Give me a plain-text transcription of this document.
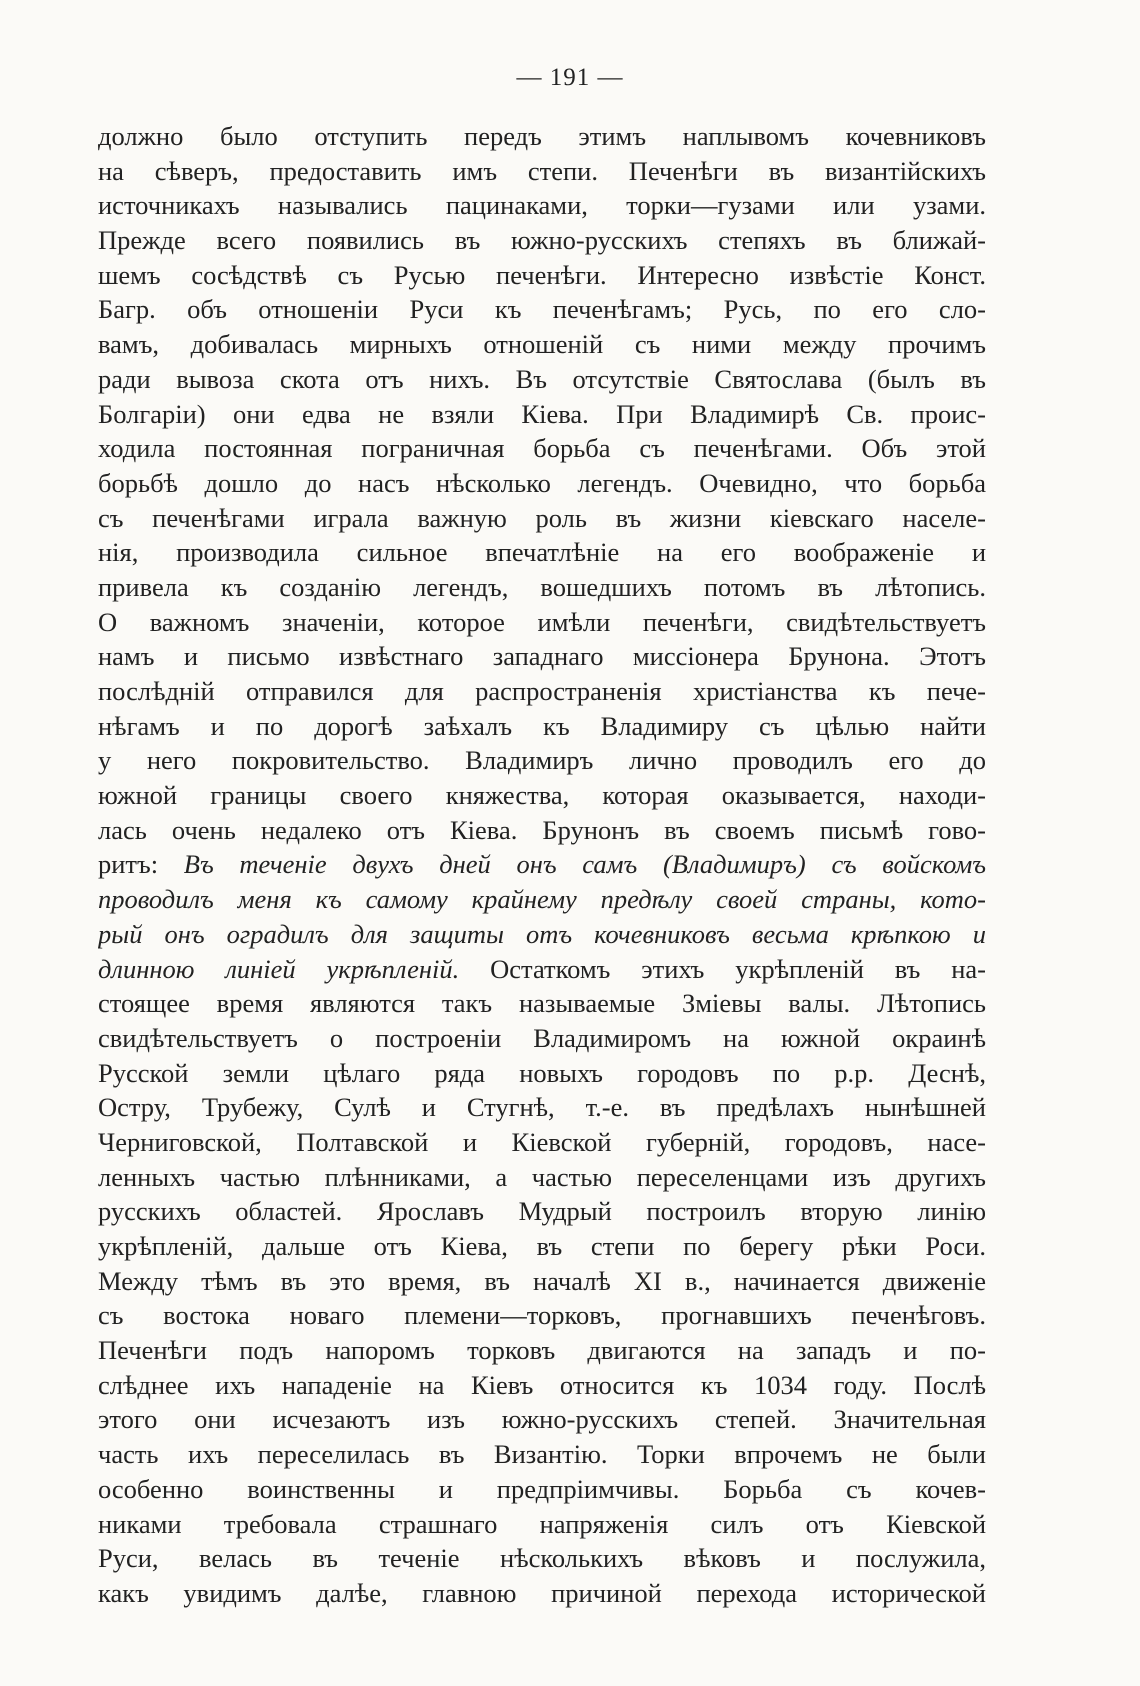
— 191 —
должно было отступить передъ этимъ наплывомъ кочевниковъ
на сѣверъ, предоставить имъ степи. Печенѣги въ византійскихъ
источникахъ назывались пацинаками, торки—гузами или узами.
Прежде всего появились въ южно-русскихъ степяхъ въ ближай-
шемъ сосѣдствѣ съ Русью печенѣги. Интересно извѣстіе Конст.
Багр. объ отношеніи Руси къ печенѣгамъ; Русь, по его сло-
вамъ, добивалась мирныхъ отношеній съ ними между прочимъ
ради вывоза скота отъ нихъ. Въ отсутствіе Святослава (былъ въ
Болгаріи) они едва не взяли Кіева. При Владимирѣ Св. проис-
ходила постоянная пограничная борьба съ печенѣгами. Объ этой
борьбѣ дошло до насъ нѣсколько легендъ. Очевидно, что борьба
съ печенѣгами играла важную роль въ жизни кіевскаго населе-
нія, производила сильное впечатлѣніе на его воображеніе и
привела къ созданію легендъ, вошедшихъ потомъ въ лѣтопись.
О важномъ значеніи, которое имѣли печенѣги, свидѣтельствуетъ
намъ и письмо извѣстнаго западнаго миссіонера Брунона. Этотъ
послѣдній отправился для распространенія христіанства къ пече-
нѣгамъ и по дорогѣ заѣхалъ къ Владимиру съ цѣлью найти
у него покровительство. Владимиръ лично проводилъ его до
южной границы своего княжества, которая оказывается, находи-
лась очень недалеко отъ Кіева. Брунонъ въ своемъ письмѣ гово-
ритъ: Въ теченіе двухъ дней онъ самъ (Владимиръ) съ войскомъ
проводилъ меня къ самому крайнему предѣлу своей страны, кото-
рый онъ оградилъ для защиты отъ кочевниковъ весьма крѣпкою и
длинною линіей укрѣпленій. Остаткомъ этихъ укрѣпленій въ на-
стоящее время являются такъ называемые Зміевы валы. Лѣтопись
свидѣтельствуетъ о построеніи Владимиромъ на южной окраинѣ
Русской земли цѣлаго ряда новыхъ городовъ по р.р. Деснѣ,
Остру, Трубежу, Сулѣ и Стугнѣ, т.-е. въ предѣлахъ нынѣшней
Черниговской, Полтавской и Кіевской губерній, городовъ, насе-
ленныхъ частью плѣнниками, а частью переселенцами изъ другихъ
русскихъ областей. Ярославъ Мудрый построилъ вторую линію
укрѣпленій, дальше отъ Кіева, въ степи по берегу рѣки Роси.
Между тѣмъ въ это время, въ началѣ XI в., начинается движеніе
съ востока новаго племени—торковъ, прогнавшихъ печенѣговъ.
Печенѣги подъ напоромъ торковъ двигаются на западъ и по-
слѣднее ихъ нападеніе на Кіевъ относится къ 1034 году. Послѣ
этого они исчезаютъ изъ южно-русскихъ степей. Значительная
часть ихъ переселилась въ Византію. Торки впрочемъ не были
особенно воинственны и предпріимчивы. Борьба съ кочев-
никами требовала страшнаго напряженія силъ отъ Кіевской
Руси, велась въ теченіе нѣсколькихъ вѣковъ и послужила,
какъ увидимъ далѣе, главною причиной перехода исторической
